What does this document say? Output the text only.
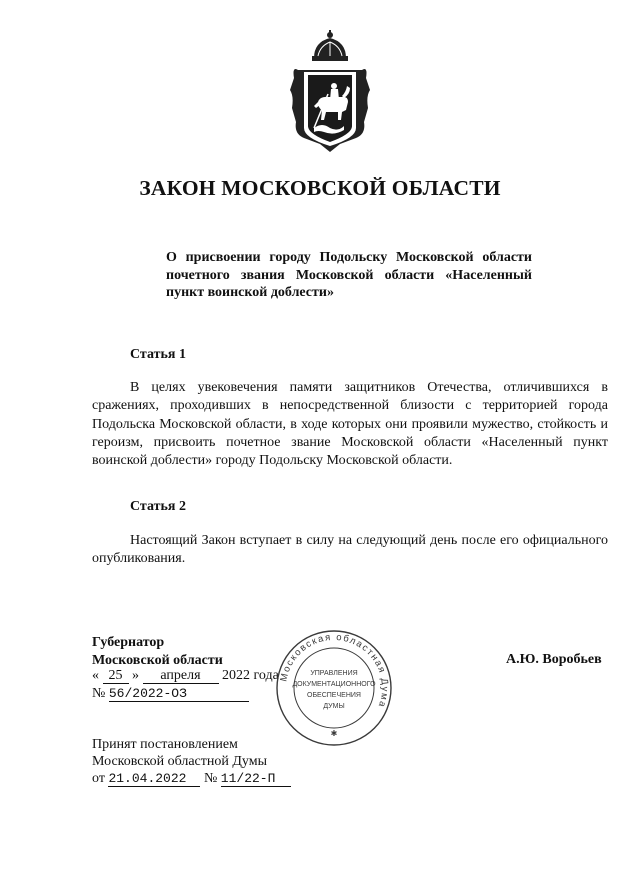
ЗАКОН МОСКОВСКОЙ ОБЛАСТИ
О присвоении городу Подольску Московской области почетного звания Московской области «Населенный пункт воинской доблести»
Статья 1
В целях увековечения памяти защитников Отечества, отличившихся в сражениях, проходивших в непосредственной близости с территорией города Подольска Московской области, в ходе которых они проявили мужество, стойкость и героизм, присвоить почетное звание Московской области «Населенный пункт воинской доблести» городу Подольску Московской области.
Статья 2
Настоящий Закон вступает в силу на следующий день после его официального опубликования.
Губернатор
Московской области
« 25 » апреля 2022 года
№ 56/2022-ОЗ
А.Ю. Воробьев
Принят постановлением
Московской областной Думы
от 21.04.2022 № 11/22-П
Московская областная Дума
УПРАВЛЕНИЯ
ДОКУМЕНТАЦИОННОГО
ОБЕСПЕЧЕНИЯ
ДУМЫ
✱
